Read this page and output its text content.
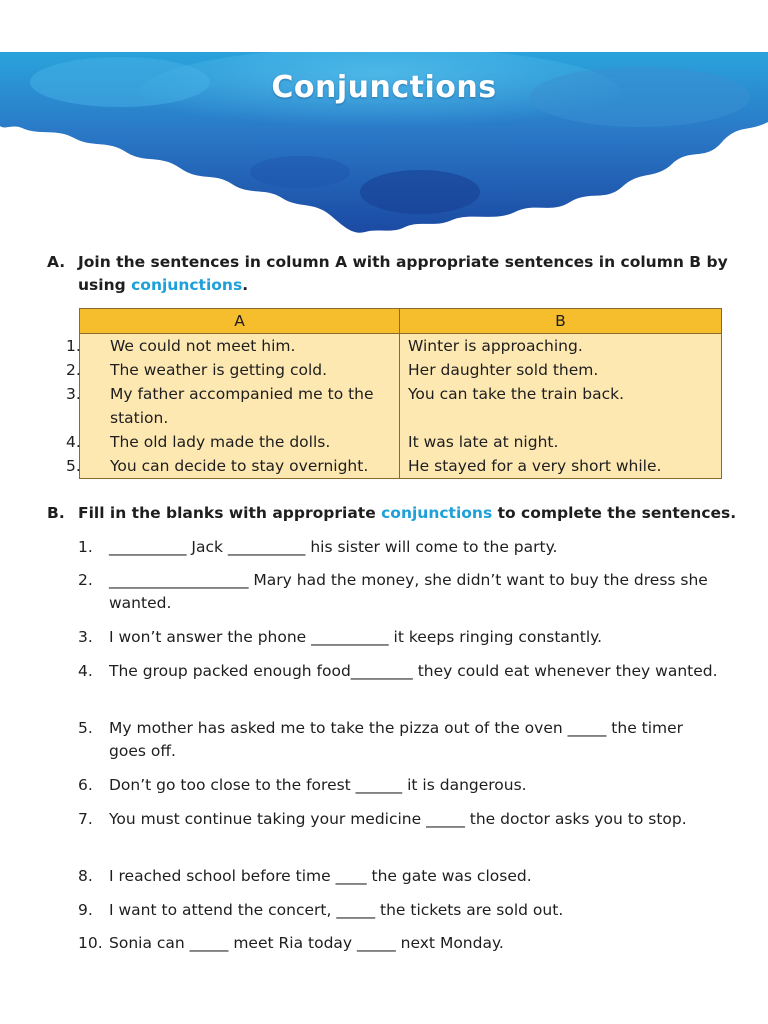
Conjunctions
A. Join the sentences in column A with appropriate sentences in column B by using conjunctions.
A	B

1. We could not meet him.	Winter is approaching.

2. The weather is getting cold.	Her daughter sold them.

3. My father accompanied me to the station.	You can take the train back.

4. The old lady made the dolls.	It was late at night.

5. You can decide to stay overnight.	He stayed for a very short while.
B. Fill in the blanks with appropriate conjunctions to complete the sentences.
1. __________ Jack __________ his sister will come to the party.
2. __________________ Mary had the money, she didn’t want to buy the dress she wanted.
3. I won’t answer the phone __________ it keeps ringing constantly.
4. The group packed enough food________ they could eat whenever they wanted.
5. My mother has asked me to take the pizza out of the oven _____ the timer goes off.
6. Don’t go too close to the forest ______ it is dangerous.
7. You must continue taking your medicine _____ the doctor asks you to stop.
8. I reached school before time ____ the gate was closed.
9. I want to attend the concert, _____ the tickets are sold out.
10. Sonia can _____ meet Ria today _____ next Monday.
